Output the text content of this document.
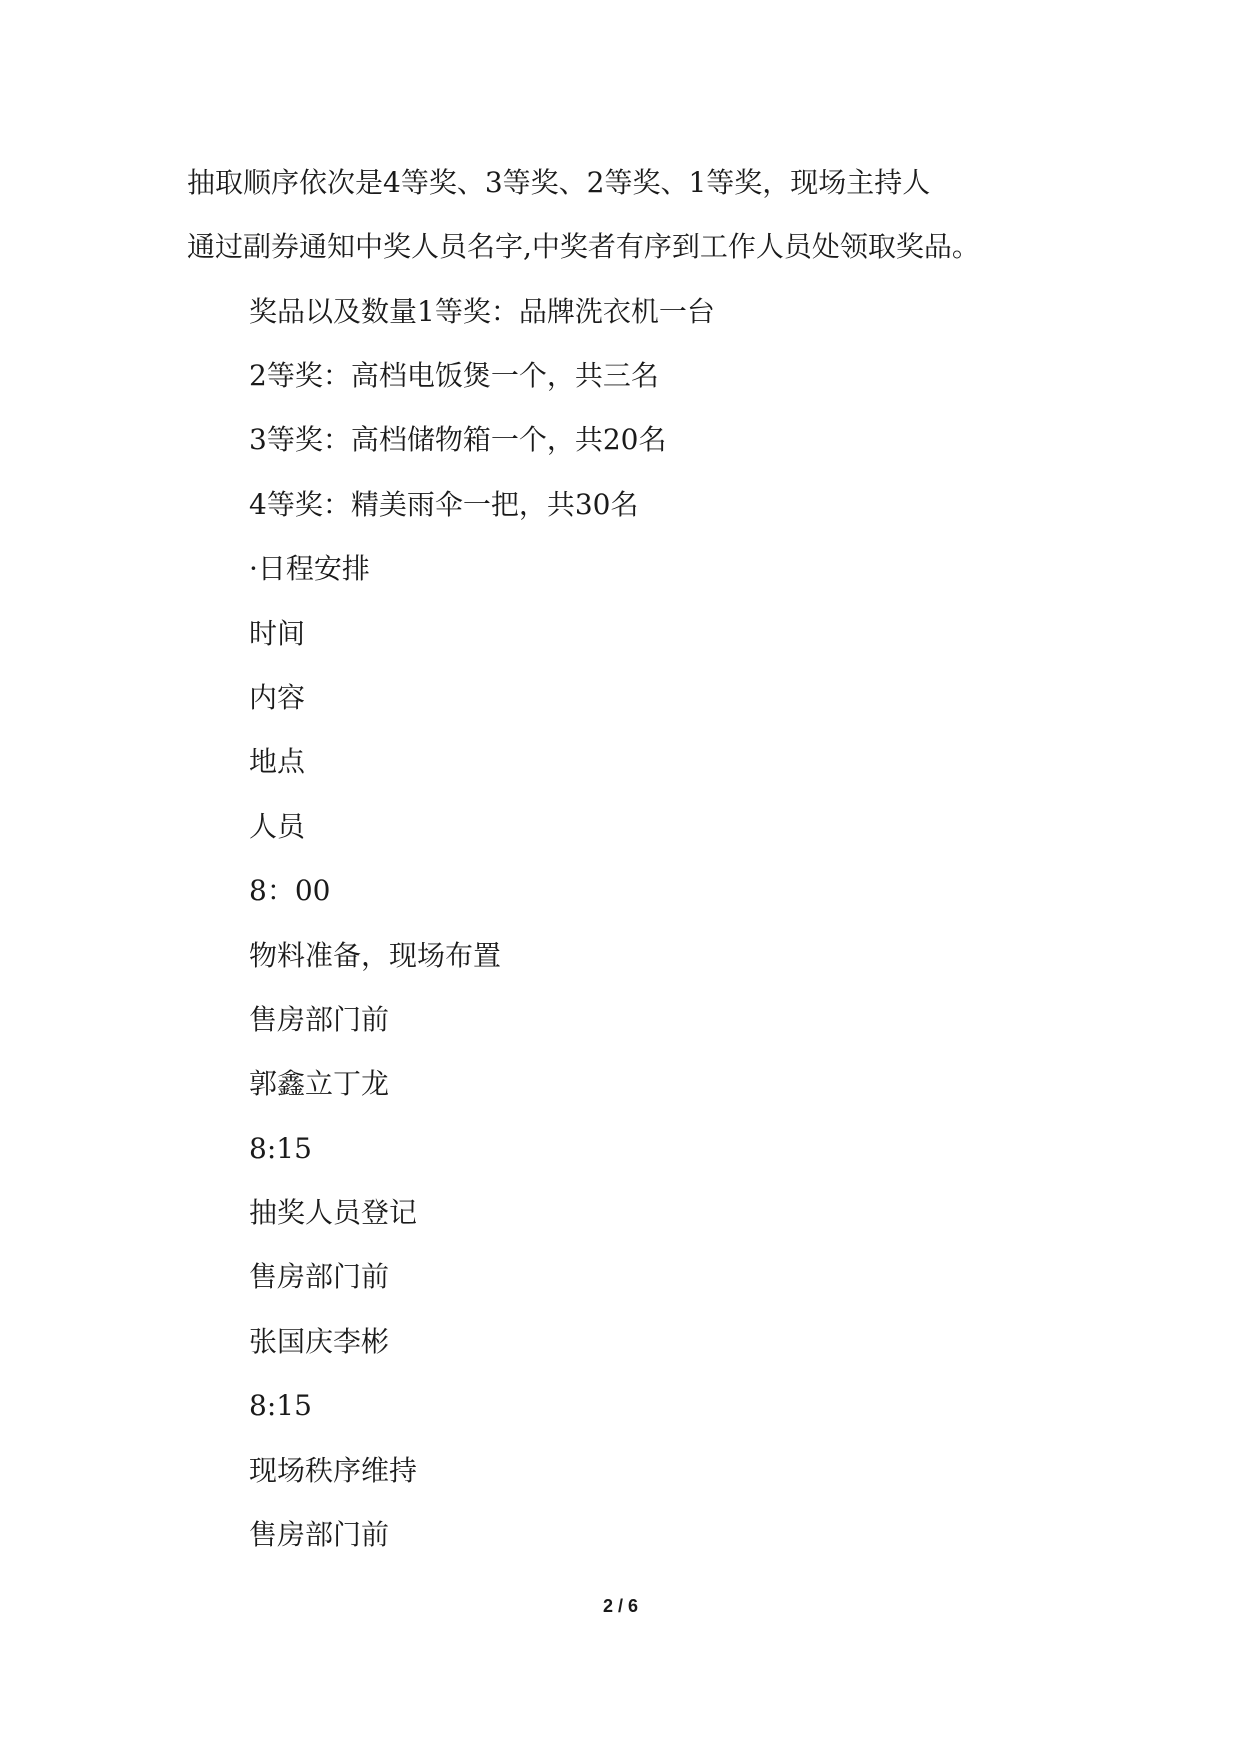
抽取顺序依次是4等奖、3等奖、2等奖、1等奖，现场主持人
通过副券通知中奖人员名字,中奖者有序到工作人员处领取奖品。
奖品以及数量1等奖：品牌洗衣机一台
2等奖：高档电饭煲一个，共三名
3等奖：高档储物箱一个，共20名
4等奖：精美雨伞一把，共30名
·日程安排
时间
内容
地点
人员
8：00
物料准备，现场布置
售房部门前
郭鑫立丁龙
8:15
抽奖人员登记
售房部门前
张国庆李彬
8:15
现场秩序维持
售房部门前
2 / 6
